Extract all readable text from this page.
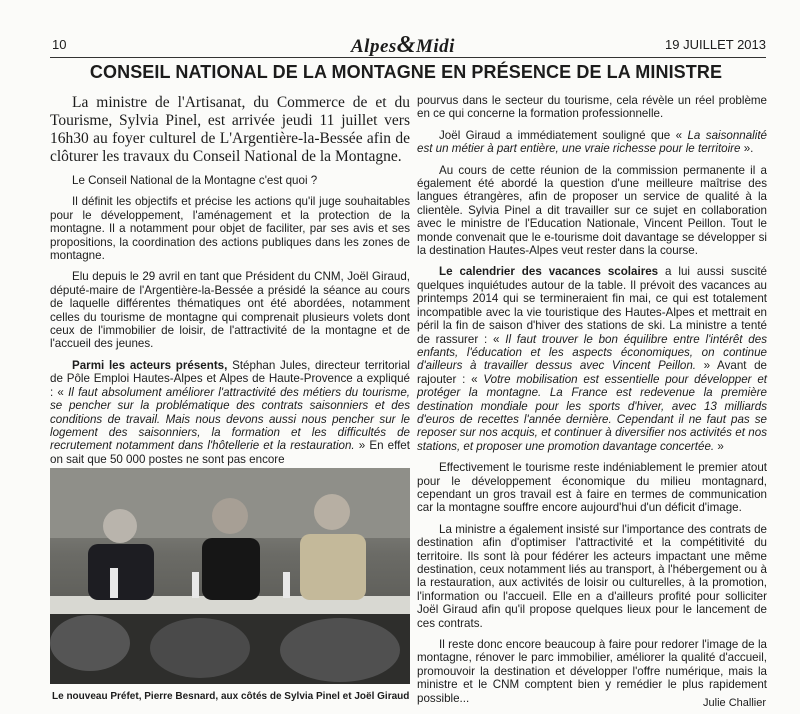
10	Alpes&Midi	19 JUILLET 2013
CONSEIL NATIONAL DE LA MONTAGNE EN PRÉSENCE DE LA MINISTRE

La ministre de l'Artisanat, du Commerce de et du Tourisme, Sylvia Pinel, est arrivée jeudi 11 juillet vers 16h30 au foyer culturel de L'Argentière-la-Bessée afin de clôturer les travaux du Conseil National de la Montagne.

Le Conseil National de la Montagne c'est quoi ?

Il définit les objectifs et précise les actions qu'il juge souhaitables pour le développement, l'aménagement et la protection de la montagne. Il a notamment pour objet de faciliter, par ses avis et ses propositions, la coordination des actions publiques dans les zones de montagne.

Elu depuis le 29 avril en tant que Président du CNM, Joël Giraud, député-maire de l'Argentière-la-Bessée a présidé la séance au cours de laquelle différentes thématiques ont été abordées, notamment celles du tourisme de montagne qui comprenait plusieurs volets dont ceux de l'immobilier de loisir, de l'attractivité de la montagne et de l'accueil des jeunes.

Parmi les acteurs présents, Stéphan Jules, directeur territorial de Pôle Emploi Hautes-Alpes et Alpes de Haute-Provence a expliqué : « Il faut absolument améliorer l'attractivité des métiers du tourisme, se pencher sur la problématique des contrats saisonniers et des conditions de travail. Mais nous devons aussi nous pencher sur le logement des saisonniers, la formation et les difficultés de recrutement notamment dans l'hôtellerie et la restauration. » En effet on sait que 50 000 postes ne sont pas encore

Le nouveau Préfet, Pierre Besnard, aux côtés de Sylvia Pinel et Joël Giraud

pourvus dans le secteur du tourisme, cela révèle un réel problème en ce qui concerne la formation professionnelle.

Joël Giraud a immédiatement souligné que « La saisonnalité est un métier à part entière, une vraie richesse pour le territoire ».

Au cours de cette réunion de la commission permanente il a également été abordé la question d'une meilleure maîtrise des langues étrangères, afin de proposer un service de qualité à la clientèle. Sylvia Pinel a dit travailler sur ce sujet en collaboration avec le ministre de l'Education Nationale, Vincent Peillon. Tout le monde convenait que le e-tourisme doit davantage se développer si la destination Hautes-Alpes veut rester dans la course.

Le calendrier des vacances scolaires a lui aussi suscité quelques inquiétudes autour de la table. Il prévoit des vacances au printemps 2014 qui se termineraient fin mai, ce qui est totalement incompatible avec la vie touristique des Hautes-Alpes et mettrait en péril la fin de saison d'hiver des stations de ski. La ministre a tenté de rassurer : « Il faut trouver le bon équilibre entre l'intérêt des enfants, l'éducation et les aspects économiques, on continue d'ailleurs à travailler dessus avec Vincent Peillon. » Avant de rajouter : « Votre mobilisation est essentielle pour développer et protéger la montagne. La France est redevenue la première destination mondiale pour les sports d'hiver, avec 13 milliards d'euros de recettes l'année dernière. Cependant il ne faut pas se reposer sur nos acquis, et continuer à diversifier nos activités et nos stations, et proposer une promotion davantage concertée. »

Effectivement le tourisme reste indéniablement le premier atout pour le développement économique du milieu montagnard, cependant un gros travail est à faire en termes de communication car la montagne souffre encore aujourd'hui d'un déficit d'image.

La ministre a également insisté sur l'importance des contrats de destination afin d'optimiser l'attractivité et la compétitivité du territoire. Ils sont là pour fédérer les acteurs impactant une même destination, ceux notamment liés au transport, à l'hébergement ou à la restauration, aux activités de loisir ou culturelles, à la promotion, l'information ou l'accueil. Elle en a d'ailleurs profité pour solliciter Joël Giraud afin qu'il propose quelques lieux pour le lancement de ces contrats.

Il reste donc encore beaucoup à faire pour redorer l'image de la montagne, rénover le parc immobilier, améliorer la qualité d'accueil, promouvoir la destination et développer l'offre numérique, mais la ministre et le CNM comptent bien y remédier le plus rapidement possible...	Julie Challier
